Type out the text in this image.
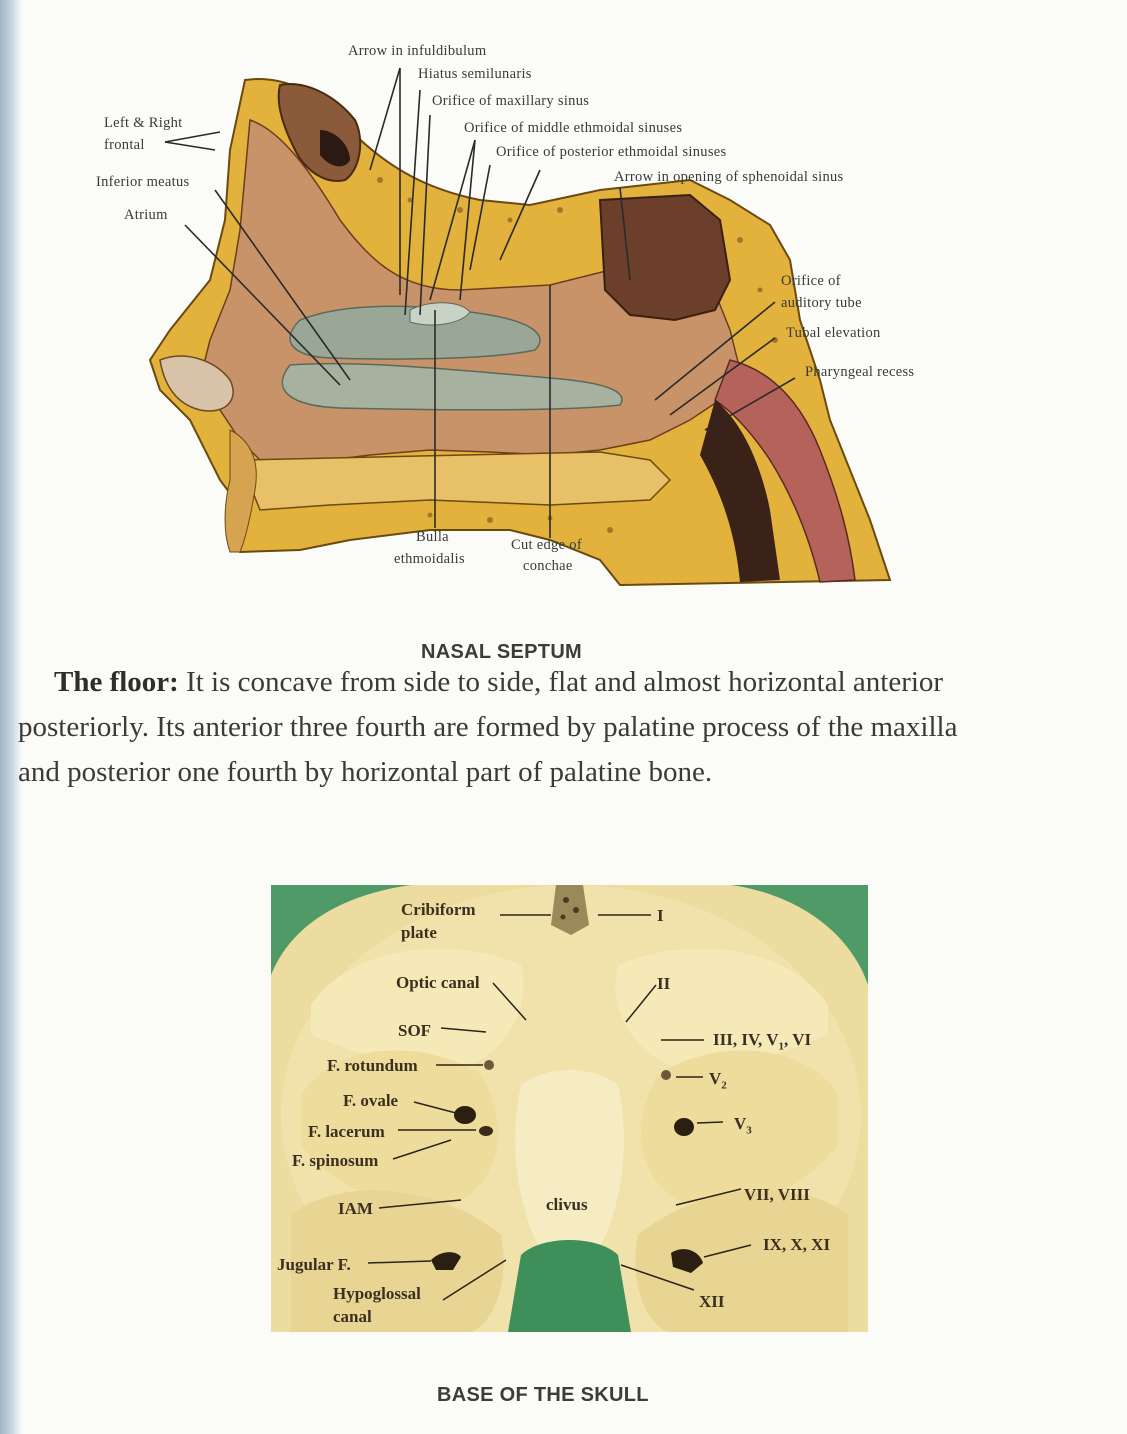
Arrow in infuldibulum
Hiatus semilunaris
Orifice of maxillary sinus
Orifice of middle ethmoidal sinuses
Orifice of posterior ethmoidal sinuses
Arrow in opening of sphenoidal sinus
Left & Right
frontal
Inferior meatus
Atrium
Orifice of
auditory tube
Tubal elevation
Pharyngeal recess
Bulla
ethmoidalis
Cut edge of
conchae
NASAL SEPTUM

The floor: It is concave from side to side, flat and almost horizontal anterior

posteriorly. Its anterior three fourth are formed by palatine process of the maxilla

and posterior one fourth by horizontal part of palatine bone.

Cribiform
plate
I
Optic canal	II
SOF	III, IV, $V_1$, VI
F. rotundum
$V_2$
F. ovale
$V_3$
F. lacerum
F. spinosum
VII, VIII
clivus
IAM
IX, X, XI
Jugular F.
Hypoglossal	XII
canal
BASE OF THE SKULL
